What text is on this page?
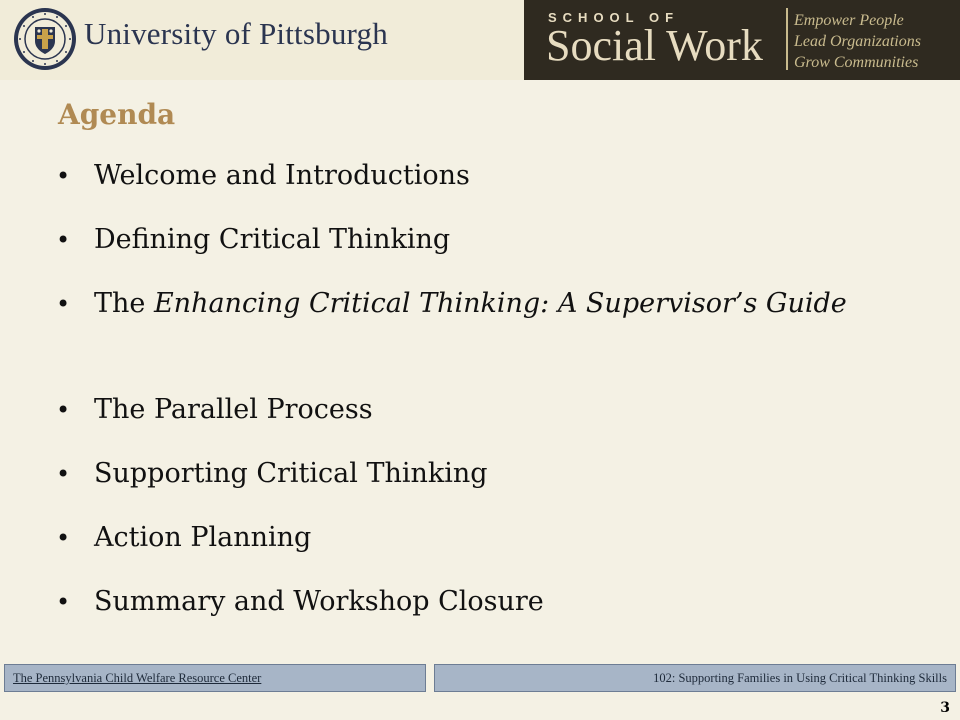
University of Pittsburgh	SCHOOL OF
Social Work
Empower People
Lead Organizations
Grow Communities
Agenda
• Welcome and Introductions
• Defining Critical Thinking
• The Enhancing Critical Thinking: A Supervisor’s Guide
• The Parallel Process
• Supporting Critical Thinking
• Action Planning
• Summary and Workshop Closure
The Pennsylvania Child Welfare Resource Center	102: Supporting Families in Using Critical Thinking Skills
3
